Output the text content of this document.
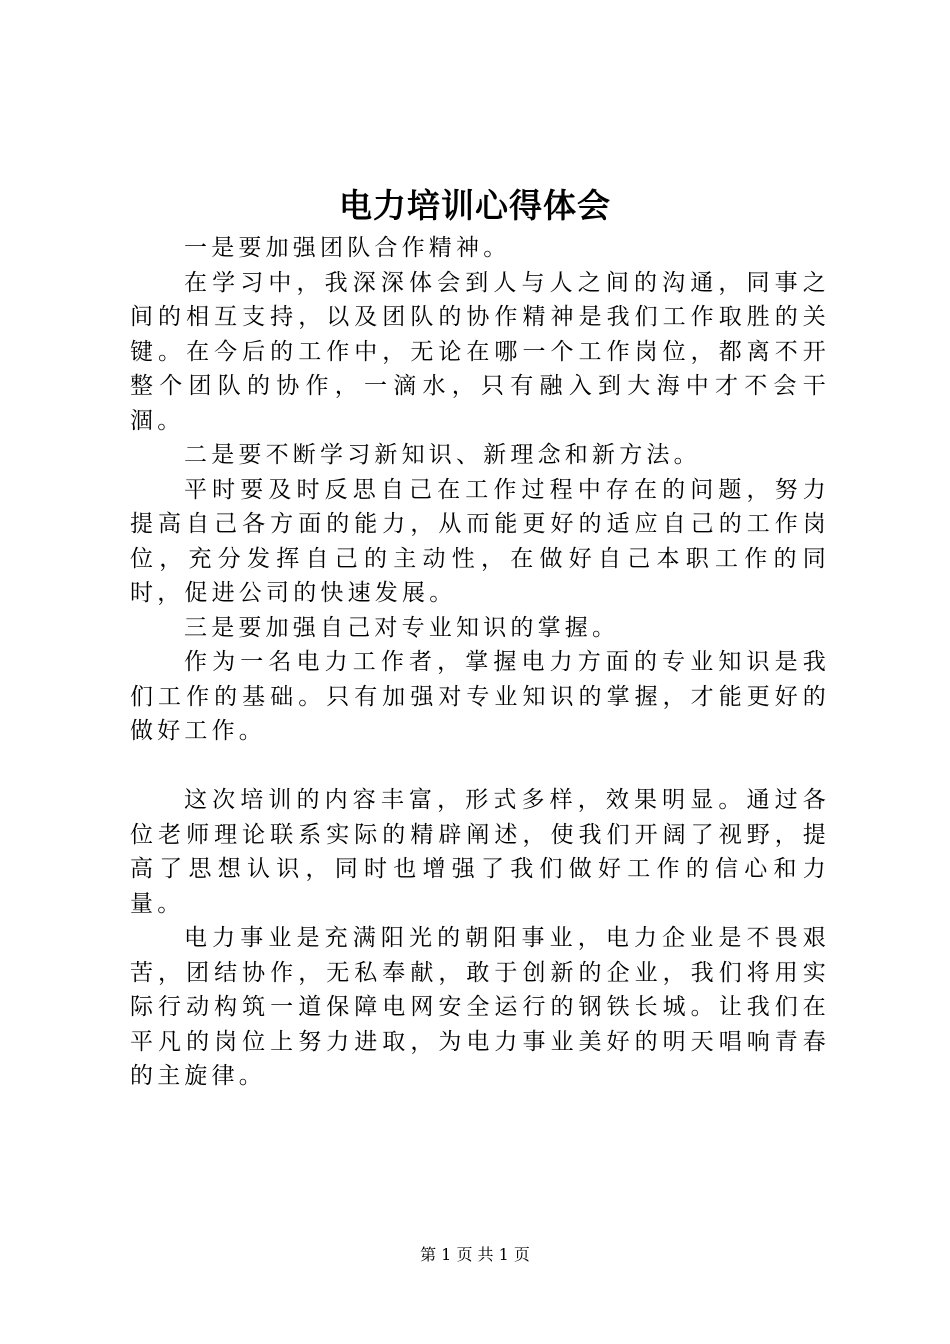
电力培训心得体会

一是要加强团队合作精神。

在学习中，我深深体会到人与人之间的沟通，同事之间的相互支持，以及团队的协作精神是我们工作取胜的关键。在今后的工作中，无论在哪一个工作岗位，都离不开整个团队的协作，一滴水，只有融入到大海中才不会干涸。

二是要不断学习新知识、新理念和新方法。

平时要及时反思自己在工作过程中存在的问题，努力提高自己各方面的能力，从而能更好的适应自己的工作岗位，充分发挥自己的主动性，在做好自己本职工作的同时，促进公司的快速发展。

三是要加强自己对专业知识的掌握。

作为一名电力工作者，掌握电力方面的专业知识是我们工作的基础。只有加强对专业知识的掌握，才能更好的做好工作。

这次培训的内容丰富，形式多样，效果明显。通过各位老师理论联系实际的精辟阐述，使我们开阔了视野，提高了思想认识，同时也增强了我们做好工作的信心和力量。

电力事业是充满阳光的朝阳事业，电力企业是不畏艰苦，团结协作，无私奉献，敢于创新的企业，我们将用实际行动构筑一道保障电网安全运行的钢铁长城。让我们在平凡的岗位上努力进取，为电力事业美好的明天唱响青春的主旋律。

第 1 页 共 1 页
